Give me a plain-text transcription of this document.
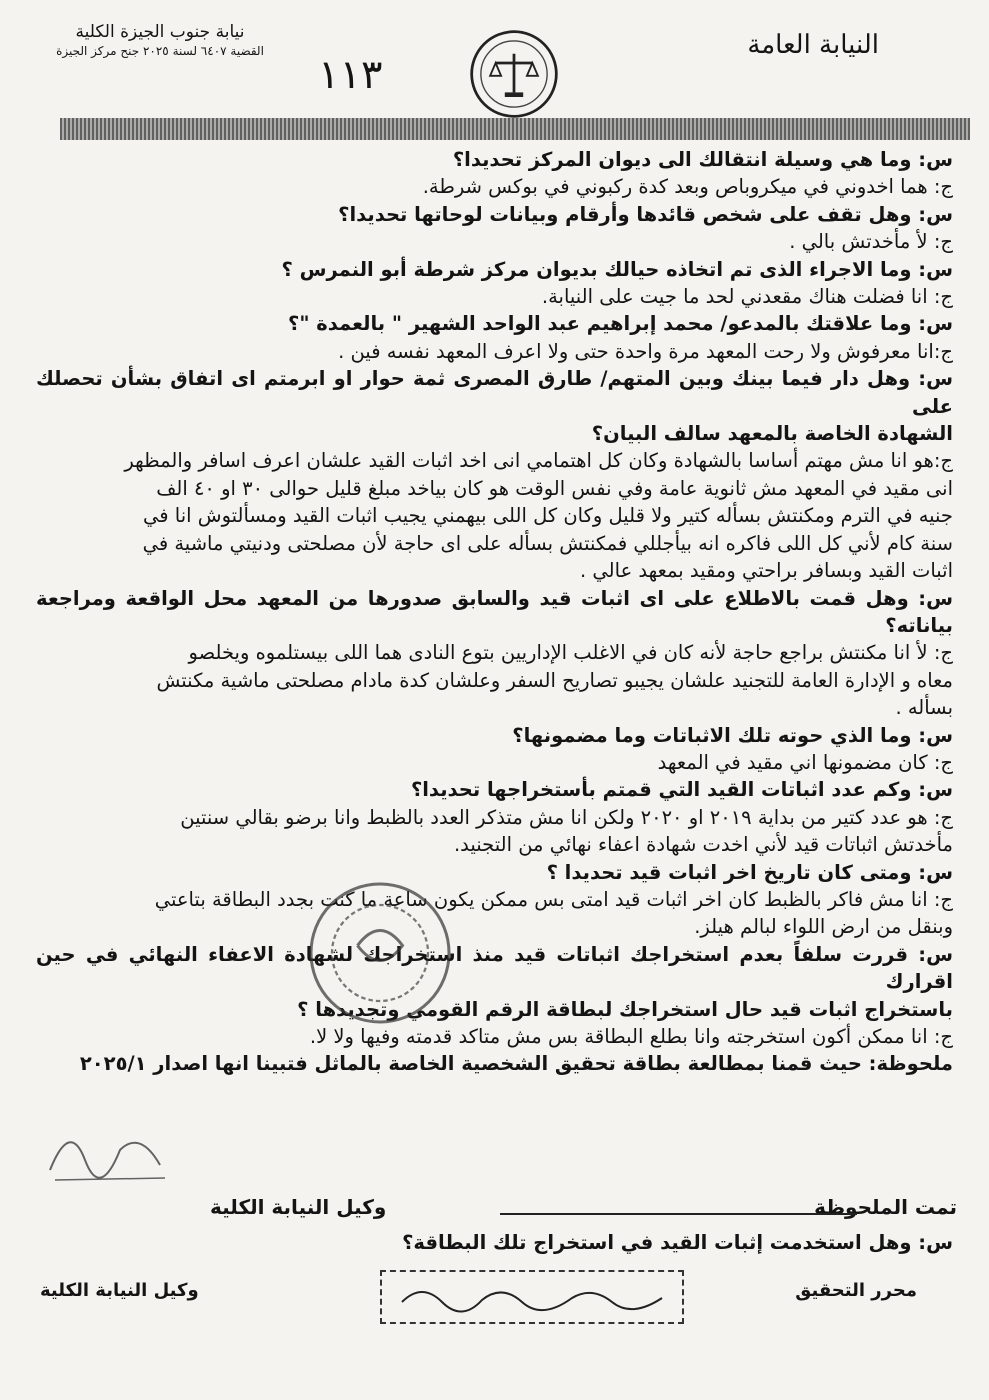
النيابة العامة
نيابة جنوب الجيزة الكلية
القضية ٦٤٠٧ لسنة ٢٠٢٥ جنح مركز الجيزة
١١٣

س: وما هي وسيلة انتقالك الى ديوان المركز تحديدا؟

ج: هما اخدوني في ميكروباص وبعد كدة ركبوني في بوكس شرطة.

س: وهل تقف على شخص قائدها وأرقام وبيانات لوحاتها تحديدا؟

ج: لأ مأخدتش بالي .

س: وما الاجراء الذى تم اتخاذه حيالك بديوان مركز شرطة أبو النمرس ؟

ج: انا فضلت هناك مقعدني لحد ما جيت على النيابة.

س: وما علاقتك بالمدعو/ محمد إبراهيم عبد الواحد الشهير " بالعمدة "؟

ج:انا معرفوش ولا رحت المعهد مرة واحدة حتى ولا اعرف المعهد نفسه فين .

س: وهل دار فيما بينك وبين المتهم/ طارق المصرى ثمة حوار او ابرمتم اى اتفاق بشأن تحصلك على

الشهادة الخاصة بالمعهد سالف البيان؟

ج:هو انا مش مهتم أساسا بالشهادة وكان كل اهتمامي انى اخد اثبات القيد علشان اعرف اسافر والمظهر

انى مقيد في المعهد مش ثانوية عامة وفي نفس الوقت هو كان بياخد مبلغ قليل حوالى ٣٠ او ٤٠ الف

جنيه في الترم ومكنتش بسأله كتير ولا قليل وكان كل اللى بيهمني يجيب اثبات القيد ومسألتوش انا في

سنة كام لأني كل اللى فاكره انه بيأجللي فمكنتش بسأله على اى حاجة لأن مصلحتى ودنيتي ماشية في

اثبات القيد وبسافر براحتي ومقيد بمعهد عالي .

س: وهل قمت بالاطلاع على اى اثبات قيد والسابق صدورها من المعهد محل الواقعة ومراجعة بياناته؟

ج: لأ انا مكنتش براجع حاجة لأنه كان في الاغلب الإداريين بتوع النادى هما اللى بيستلموه ويخلصو

معاه و الإدارة العامة للتجنيد علشان يجيبو تصاريح السفر وعلشان كدة مادام مصلحتى ماشية مكنتش

بسأله .

س: وما الذي حوته تلك الاثباتات وما مضمونها؟

ج: كان مضمونها اني مقيد في المعهد

س: وكم عدد اثباتات القيد التي قمتم بأستخراجها تحديدا؟

ج: هو عدد كتير من بداية ٢٠١٩ او ٢٠٢٠ ولكن انا مش متذكر العدد بالظبط وانا برضو بقالي سنتين

مأخدتش اثباتات قيد لأني اخدت شهادة اعفاء نهائي من التجنيد.

س: ومتى كان تاريخ اخر اثبات قيد تحديدا ؟

ج: انا مش فاكر بالظبط كان اخر اثبات قيد امتى بس ممكن يكون ساعة ما كنت بجدد البطاقة بتاعتي

وبنقل من ارض اللواء لبالم هيلز.

س: قررت سلفاً بعدم استخراجك اثباتات قيد منذ استخراجك لشهادة الاعفاء النهائي في حين اقرارك

باستخراج اثبات قيد حال استخراجك لبطاقة الرقم القومي وتجديدها ؟

ج: انا ممكن أكون استخرجته وانا بطلع البطاقة بس مش متاكد قدمته وفيها ولا لا.

ملحوظة: حيث قمنا بمطالعة بطاقة تحقيق الشخصية الخاصة بالماثل فتبينا انها اصدار ٢٠٢٥/١

تمت الملحوظة
وكيل النيابة الكلية

س: وهل استخدمت إثبات القيد في استخراج تلك البطاقة؟

محرر التحقيق
وكيل النيابة الكلية
